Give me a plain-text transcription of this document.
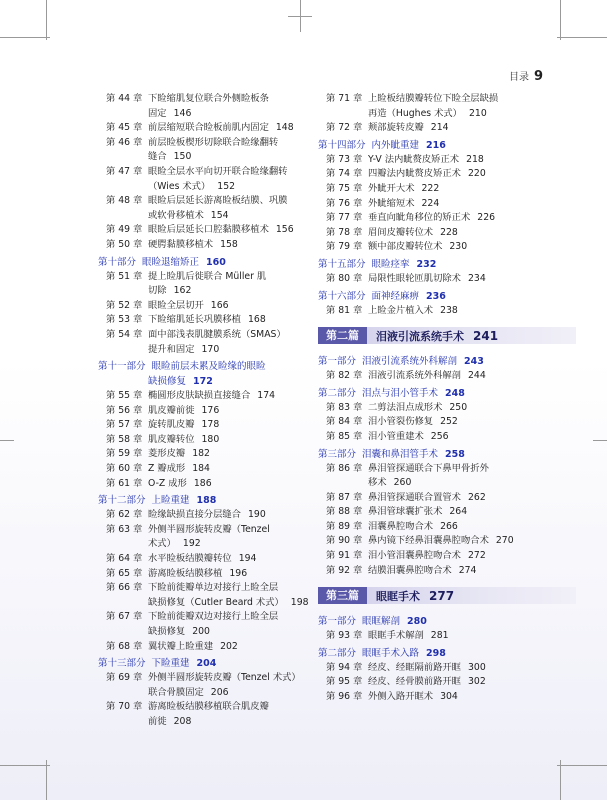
目录 9
第 44 章 下睑缩肌复位联合外侧睑板条
固定 146
第 45 章 前层缩短联合睑板前肌内固定 148
第 46 章 前层睑板楔形切除联合睑缘翻转
缝合 150
第 47 章 眼睑全层水平向切开联合睑缘翻转
（Wies 术式） 152
第 48 章 眼睑后层延长游离睑板结膜、巩膜
或软骨移植术 154
第 49 章 眼睑后层延长口腔黏膜移植术 156
第 50 章 硬腭黏膜移植术 158
第十部分 眼睑退缩矫正 160
第 51 章 提上睑肌后徙联合 Müller 肌
切除 162
第 52 章 眼睑全层切开 166
第 53 章 下睑缩肌延长巩膜移植 168
第 54 章 面中部浅表肌腱膜系统（SMAS）
提升和固定 170
第十一部分 眼睑前层未累及睑缘的眼睑
缺损修复 172
第 55 章 椭圆形皮肤缺损直接缝合 174
第 56 章 肌皮瓣前徙 176
第 57 章 旋转肌皮瓣 178
第 58 章 肌皮瓣转位 180
第 59 章 菱形皮瓣 182
第 60 章 Z 瓣成形 184
第 61 章 O-Z 成形 186
第十二部分 上睑重建 188
第 62 章 睑缘缺损直接分层缝合 190
第 63 章 外侧半圆形旋转皮瓣（Tenzel
术式） 192
第 64 章 水平睑板结膜瓣转位 194
第 65 章 游离睑板结膜移植 196
第 66 章 下睑前徙瓣单边对接行上睑全层
缺损修复（Cutler Beard 术式） 198
第 67 章 下睑前徙瓣双边对接行上睑全层
缺损修复 200
第 68 章 翼状瓣上睑重建 202
第十三部分 下睑重建 204
第 69 章 外侧半圆形旋转皮瓣（Tenzel 术式）
联合骨膜固定 206
第 70 章 游离睑板结膜移植联合肌皮瓣
前徙 208
第 71 章 上睑板结膜瓣转位下睑全层缺损
再造（Hughes 术式） 210
第 72 章 颊部旋转皮瓣 214
第十四部分 内外眦重建 216
第 73 章 Y-V 法内眦赘皮矫正术 218
第 74 章 四瓣法内眦赘皮矫正术 220
第 75 章 外眦开大术 222
第 76 章 外眦缩短术 224
第 77 章 垂直向眦角移位的矫正术 226
第 78 章 眉间皮瓣转位术 228
第 79 章 额中部皮瓣转位术 230
第十五部分 眼睑痉挛 232
第 80 章 局限性眼轮匝肌切除术 234
第十六部分 面神经麻痹 236
第 81 章 上睑金片植入术 238
第二篇	泪液引流系统手术 241
第一部分 泪液引流系统外科解剖 243
第 82 章 泪液引流系统外科解剖 244
第二部分 泪点与泪小管手术 248
第 83 章 二剪法泪点成形术 250
第 84 章 泪小管裂伤修复 252
第 85 章 泪小管重建术 256
第三部分 泪囊和鼻泪管手术 258
第 86 章 鼻泪管探通联合下鼻甲骨折外
移术 260
第 87 章 鼻泪管探通联合置管术 262
第 88 章 鼻泪管球囊扩张术 264
第 89 章 泪囊鼻腔吻合术 266
第 90 章 鼻内镜下经鼻泪囊鼻腔吻合术 270
第 91 章 泪小管泪囊鼻腔吻合术 272
第 92 章 结膜泪囊鼻腔吻合术 274
第三篇	眼眶手术 277
第一部分 眼眶解剖 280
第 93 章 眼眶手术解剖 281
第二部分 眼眶手术入路 298
第 94 章 经皮、经眶隔前路开眶 300
第 95 章 经皮、经骨膜前路开眶 302
第 96 章 外侧入路开眶术 304
